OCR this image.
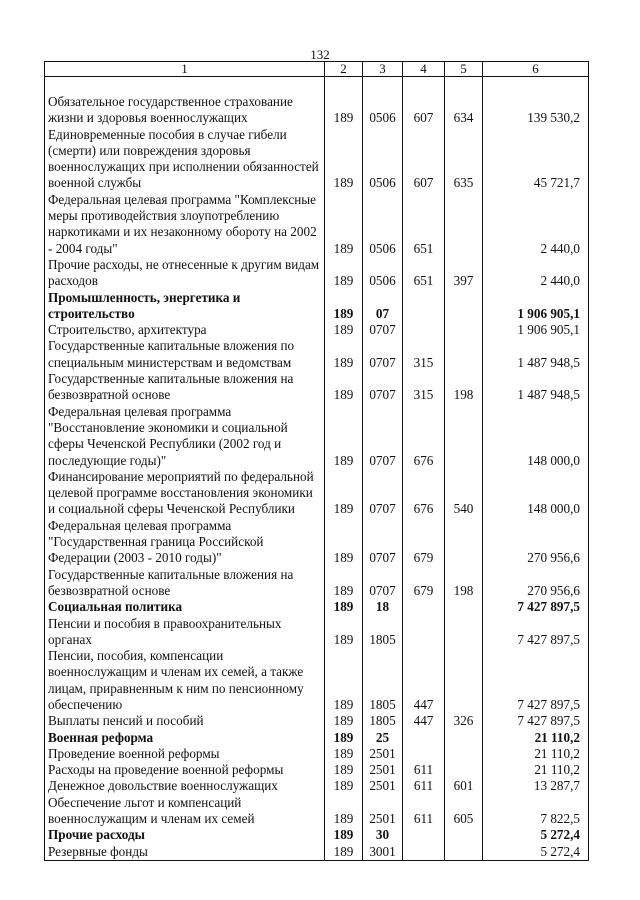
132
1	2	3	4	5	6

Обязательное государственное страхование жизни и здоровья военнослужащих	189	0506	607	634	139 530,2
Единовременные пособия в случае гибели (смерти) или повреждения здоровья военнослужащих при исполнении обязанностей военной службы	189	0506	607	635	45 721,7
Федеральная целевая программа "Комплексные меры противодействия злоупотреблению наркотиками и их незаконному обороту на 2002 - 2004 годы"	189	0506	651		2 440,0
Прочие расходы, не отнесенные к другим видам расходов	189	0506	651	397	2 440,0
Промышленность, энергетика и строительство	189	07			1 906 905,1
Строительство, архитектура	189	0707			1 906 905,1
Государственные капитальные вложения по специальным министерствам и ведомствам	189	0707	315		1 487 948,5
Государственные капитальные вложения на безвозвратной основе	189	0707	315	198	1 487 948,5
Федеральная целевая программа "Восстановление экономики и социальной сферы Чеченской Республики (2002 год и последующие годы)"	189	0707	676		148 000,0
Финансирование мероприятий по федеральной целевой программе восстановления экономики и социальной сферы Чеченской Республики	189	0707	676	540	148 000,0
Федеральная целевая программа "Государственная граница Российской Федерации (2003 - 2010 годы)"	189	0707	679		270 956,6
Государственные капитальные вложения на безвозвратной основе	189	0707	679	198	270 956,6
Социальная политика	189	18			7 427 897,5
Пенсии и пособия в правоохранительных органах	189	1805			7 427 897,5
Пенсии, пособия, компенсации военнослужащим и членам их семей, а также лицам, приравненным к ним по пенсионному обеспечению	189	1805	447		7 427 897,5
Выплаты пенсий и пособий	189	1805	447	326	7 427 897,5
Военная реформа	189	25			21 110,2
Проведение военной реформы	189	2501			21 110,2
Расходы на проведение военной реформы	189	2501	611		21 110,2
Денежное довольствие военнослужащих	189	2501	611	601	13 287,7
Обеспечение льгот и компенсаций военнослужащим и членам их семей	189	2501	611	605	7 822,5
Прочие расходы	189	30			5 272,4
Резервные фонды	189	3001			5 272,4
